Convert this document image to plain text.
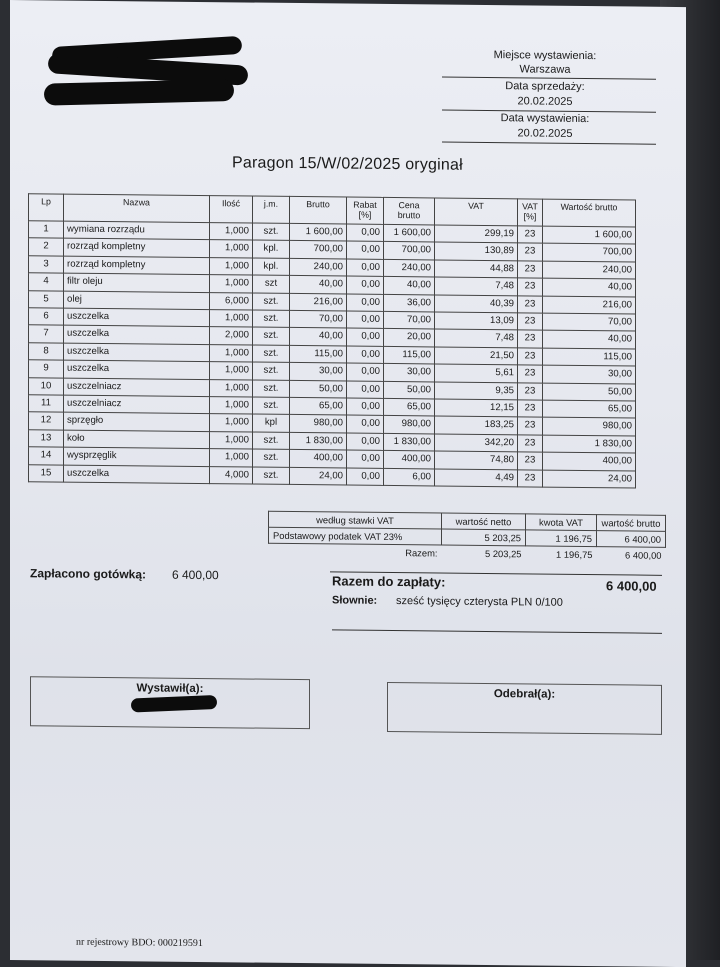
Miejsce wystawienia:
Warszawa
Data sprzedaży:
20.02.2025
Data wystawienia:
20.02.2025
Paragon 15/W/02/2025 oryginał
Lp	Nazwa	Ilość	j.m.	Brutto	Rabat [%]	Cena brutto	VAT	VAT [%]	Wartość brutto
1	wymiana rozrządu	1,000	szt.	1 600,00	0,00	1 600,00	299,19	23	1 600,00
2	rozrząd kompletny	1,000	kpl.	700,00	0,00	700,00	130,89	23	700,00
3	rozrząd kompletny	1,000	kpl.	240,00	0,00	240,00	44,88	23	240,00
4	filtr oleju	1,000	szt	40,00	0,00	40,00	7,48	23	40,00
5	olej	6,000	szt.	216,00	0,00	36,00	40,39	23	216,00
6	uszczelka	1,000	szt.	70,00	0,00	70,00	13,09	23	70,00
7	uszczelka	2,000	szt.	40,00	0,00	20,00	7,48	23	40,00
8	uszczelka	1,000	szt.	115,00	0,00	115,00	21,50	23	115,00
9	uszczelka	1,000	szt.	30,00	0,00	30,00	5,61	23	30,00
10	uszczelniacz	1,000	szt.	50,00	0,00	50,00	9,35	23	50,00
11	uszczelniacz	1,000	szt.	65,00	0,00	65,00	12,15	23	65,00
12	sprzęgło	1,000	kpl	980,00	0,00	980,00	183,25	23	980,00
13	koło	1,000	szt.	1 830,00	0,00	1 830,00	342,20	23	1 830,00
14	wysprzęglik	1,000	szt.	400,00	0,00	400,00	74,80	23	400,00
15	uszczelka	4,000	szt.	24,00	0,00	6,00	4,49	23	24,00
według stawki VAT	wartość netto	kwota VAT	wartość brutto
Podstawowy podatek VAT 23%	5 203,25	1 196,75	6 400,00
Razem:	5 203,25	1 196,75	6 400,00
Zapłacono gotówką: 6 400,00	Razem do zapłaty:	6 400,00
Słownie: sześć tysięcy czterysta PLN 0/100
Wystawił(a):	Odebrał(a):
nr rejestrowy BDO: 000219591
